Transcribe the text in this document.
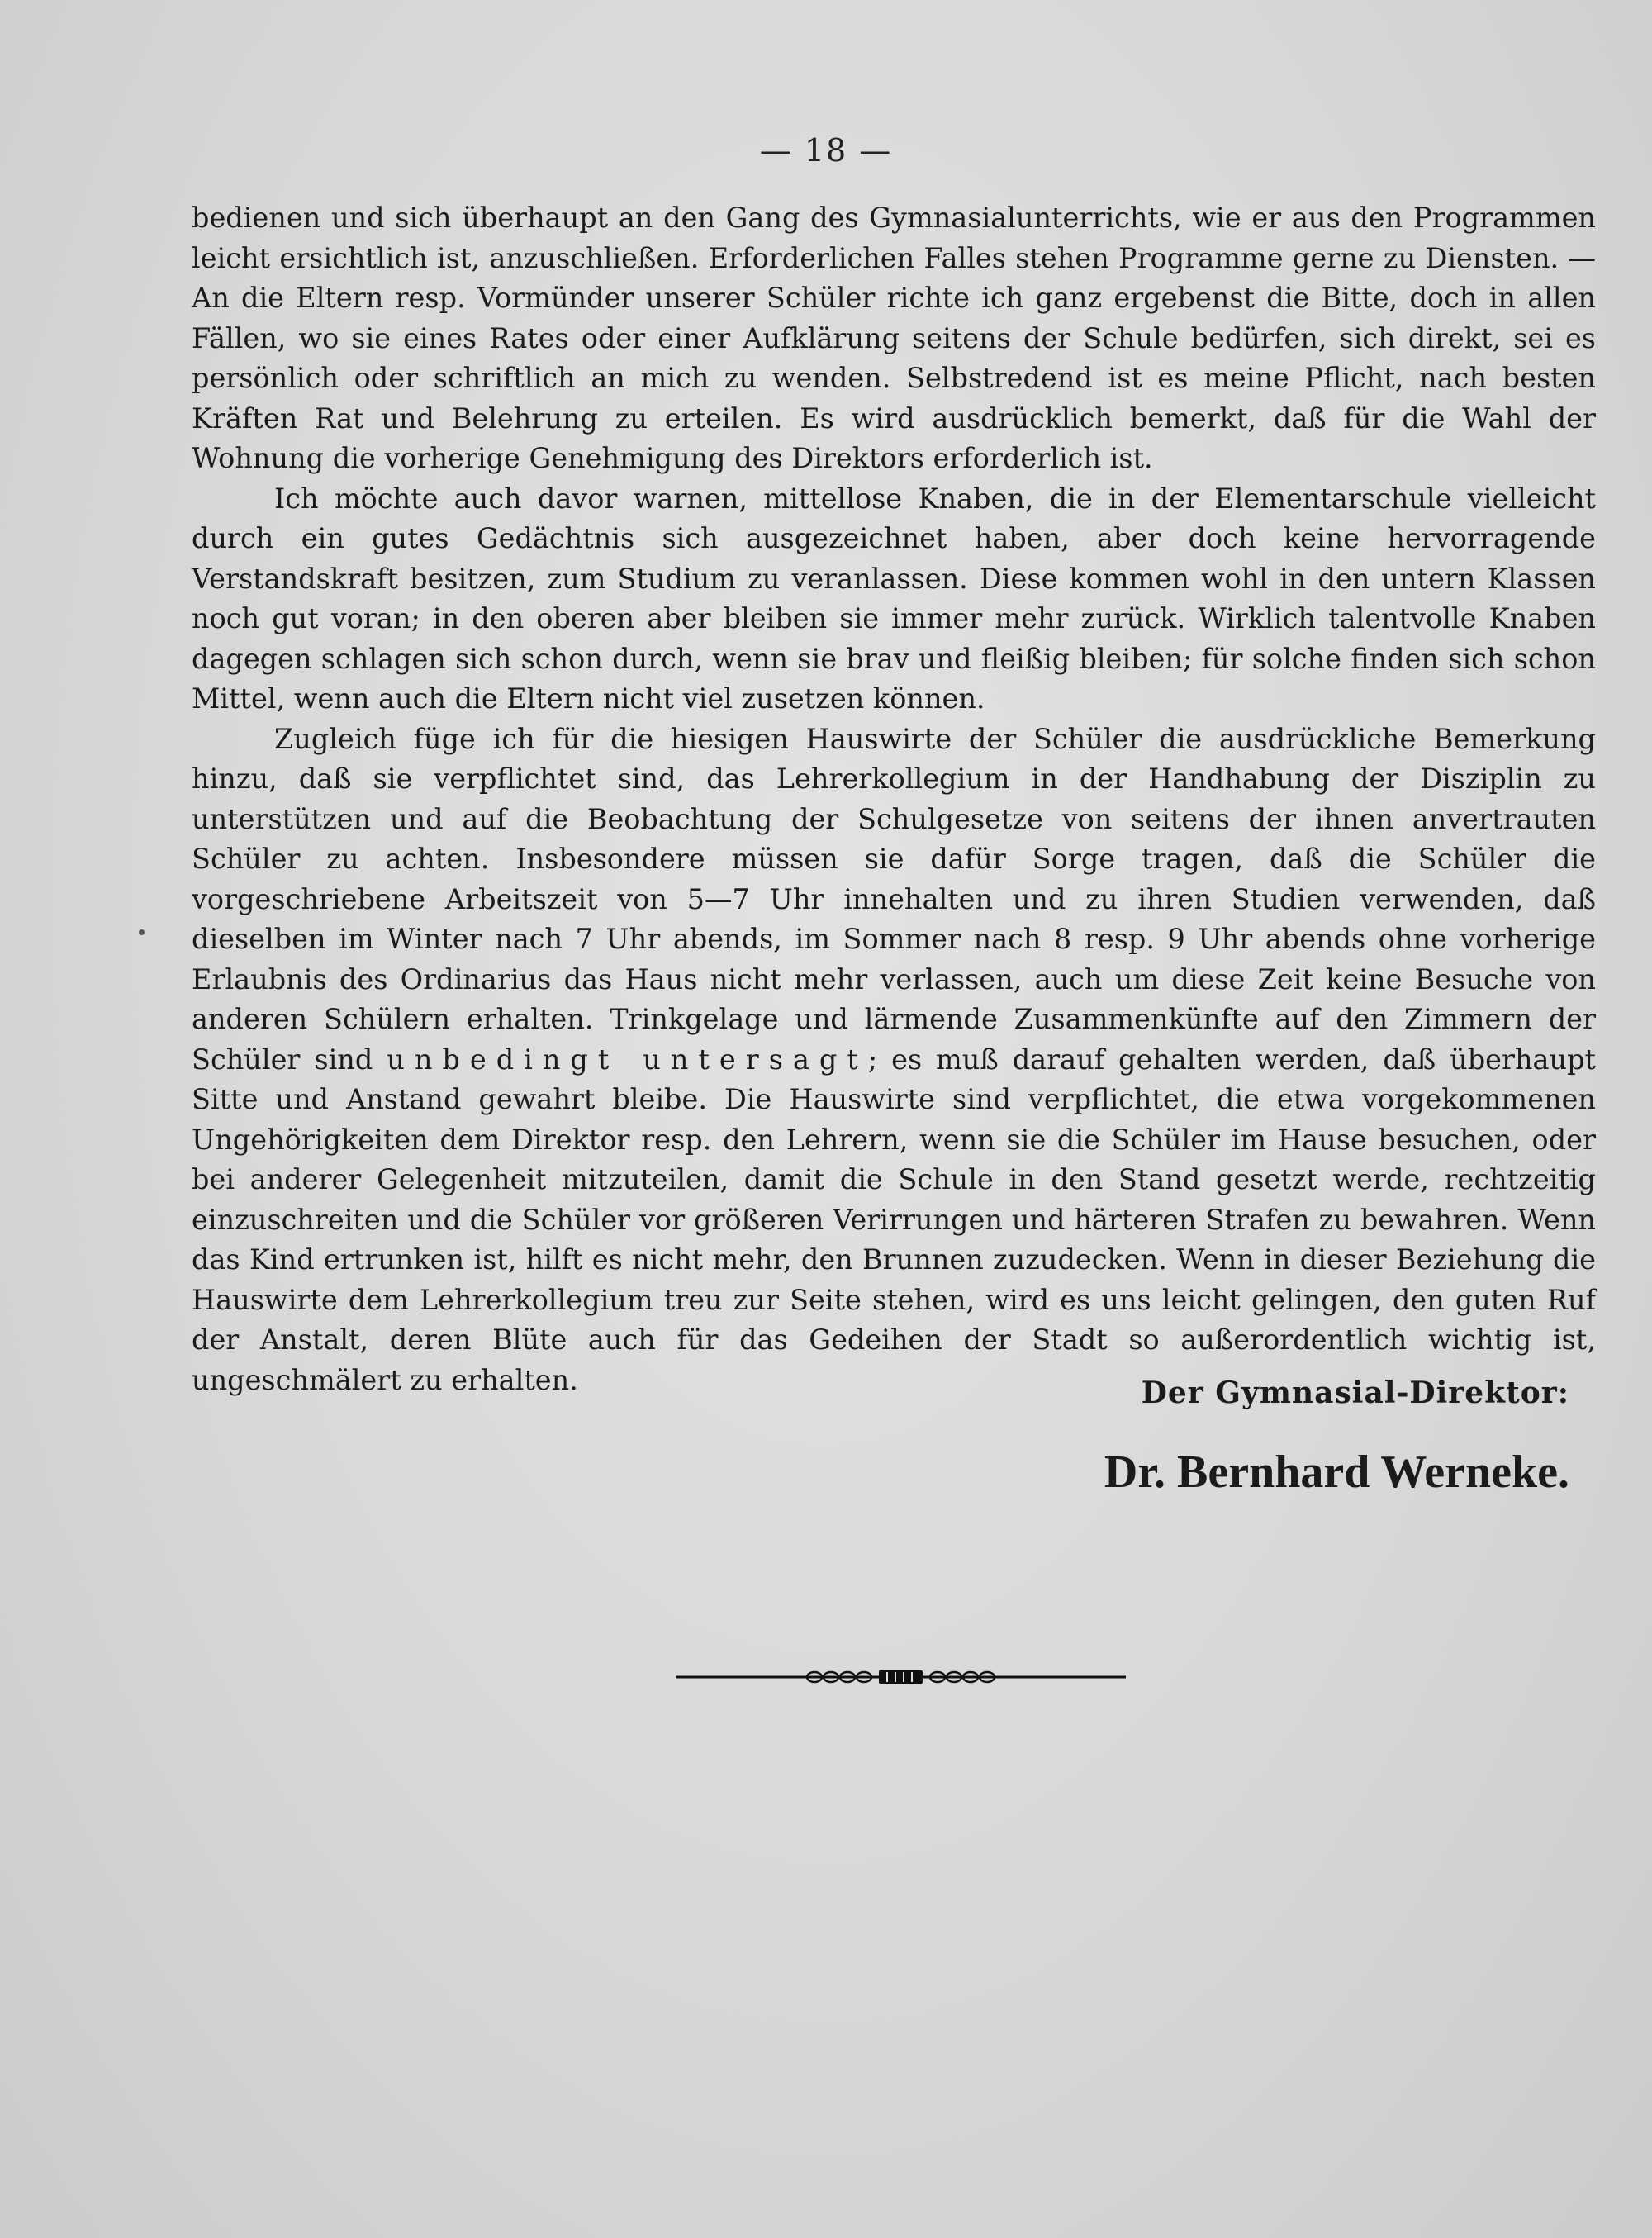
— 18 —

bedienen und sich überhaupt an den Gang des Gymnasialunterrichts, wie er aus den Programmen leicht ersichtlich ist, anzuschließen. Erforderlichen Falles stehen Programme gerne zu Diensten. — An die Eltern resp. Vormünder unserer Schüler richte ich ganz ergebenst die Bitte, doch in allen Fällen, wo sie eines Rates oder einer Aufklärung seitens der Schule bedürfen, sich direkt, sei es persönlich oder schriftlich an mich zu wenden. Selbstredend ist es meine Pflicht, nach besten Kräften Rat und Belehrung zu erteilen. Es wird ausdrücklich bemerkt, daß für die Wahl der Wohnung die vorherige Genehmigung des Direktors erforderlich ist.

Ich möchte auch davor warnen, mittellose Knaben, die in der Elementarschule vielleicht durch ein gutes Gedächtnis sich ausgezeichnet haben, aber doch keine hervorragende Verstandskraft besitzen, zum Studium zu veranlassen. Diese kommen wohl in den untern Klassen noch gut voran; in den oberen aber bleiben sie immer mehr zurück. Wirklich talentvolle Knaben dagegen schlagen sich schon durch, wenn sie brav und fleißig bleiben; für solche finden sich schon Mittel, wenn auch die Eltern nicht viel zusetzen können.

Zugleich füge ich für die hiesigen Hauswirte der Schüler die ausdrückliche Bemerkung hinzu, daß sie verpflichtet sind, das Lehrerkollegium in der Handhabung der Disziplin zu unterstützen und auf die Beobachtung der Schulgesetze von seitens der ihnen anvertrauten Schüler zu achten. Insbesondere müssen sie dafür Sorge tragen, daß die Schüler die vorgeschriebene Arbeitszeit von 5—7 Uhr innehalten und zu ihren Studien verwenden, daß dieselben im Winter nach 7 Uhr abends, im Sommer nach 8 resp. 9 Uhr abends ohne vorherige Erlaubnis des Ordinarius das Haus nicht mehr verlassen, auch um diese Zeit keine Besuche von anderen Schülern erhalten. Trinkgelage und lärmende Zusammenkünfte auf den Zimmern der Schüler sind unbedingt untersagt; es muß darauf gehalten werden, daß überhaupt Sitte und Anstand gewahrt bleibe. Die Hauswirte sind verpflichtet, die etwa vorgekommenen Ungehörigkeiten dem Direktor resp. den Lehrern, wenn sie die Schüler im Hause besuchen, oder bei anderer Gelegenheit mitzuteilen, damit die Schule in den Stand gesetzt werde, rechtzeitig einzuschreiten und die Schüler vor größeren Verirrungen und härteren Strafen zu bewahren. Wenn das Kind ertrunken ist, hilft es nicht mehr, den Brunnen zuzudecken. Wenn in dieser Beziehung die Hauswirte dem Lehrerkollegium treu zur Seite stehen, wird es uns leicht gelingen, den guten Ruf der Anstalt, deren Blüte auch für das Gedeihen der Stadt so außerordentlich wichtig ist, ungeschmälert zu erhalten.	Der Gymnasial-Direktor:
Dr. Bernhard Werneke.
